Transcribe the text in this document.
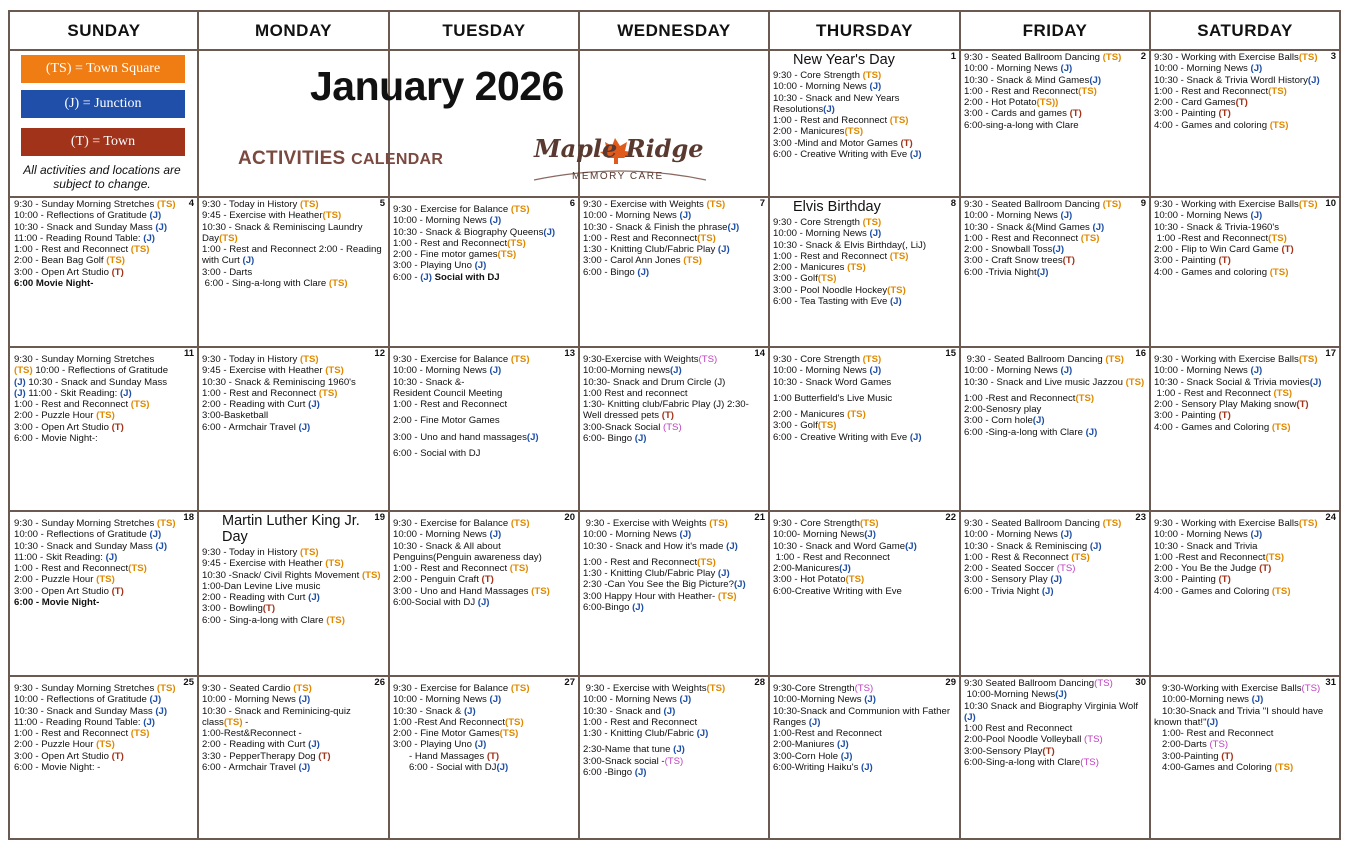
SUNDAY	MONDAY	TUESDAY	WEDNESDAY	THURSDAY	FRIDAY	SATURDAY
(TS) = Town Square
(J) = Junction
(T) = Town
All activities and locations are subject to change.
January 2026
ACTIVITIES CALENDAR	Maple Ridge
MEMORY CARE
1
New Year's Day
9:30 - Core Strength (TS)
10:00 - Morning News (J)
10:30 - Snack and New Years Resolutions(J)
1:00 - Rest and Reconnect (TS)
2:00 - Manicures(TS)
3:00 -Mind and Motor Games (T)
6:00 - Creative Writing with Eve (J)
2
9:30 - Seated Ballroom Dancing (TS)
10:00 - Morning News (J)
10:30 - Snack & Mind Games(J)
1:00 - Rest and Reconnect(TS)
2:00 - Hot Potato(TS))
3:00 - Cards and games (T)
6:00-sing-a-long with Clare
3
9:30 - Working with Exercise Balls(TS)
10:00 - Morning News (J)
10:30 - Snack & Trivia Wordl History(J)
1:00 - Rest and Reconnect(TS)
2:00 - Card Games(T)
3:00 - Painting (T)
4:00 - Games and coloring (TS)
4
9:30 - Sunday Morning Stretches (TS)
10:00 - Reflections of Gratitude (J)
10:30 - Snack and Sunday Mass (J)
11:00 - Reading Round Table: (J)
1:00 - Rest and Reconnect (TS)
2:00 - Bean Bag Golf (TS)
3:00 - Open Art Studio (T)
6:00 Movie Night-
5
9:30 - Today in History (TS)
9:45 - Exercise with Heather(TS)
10:30 - Snack & Reminiscing Laundry Day(TS)
1:00 - Rest and Reconnect 2:00 - Reading with Curt (J)
3:00 - Darts
6:00 - Sing-a-long with Clare (TS)
6
9:30 - Exercise for Balance (TS)
10:00 - Morning News (J)
10:30 - Snack & Biography Queens(J)
1:00 - Rest and Reconnect(TS)
2:00 - Fine motor games(TS)
3:00 - Playing Uno (J)
6:00 - (J) Social with DJ
7
9:30 - Exercise with Weights (TS)
10:00 - Morning News (J)
10:30 - Snack & Finish the phrase(J)
1:00 - Rest and Reconnect(TS)
1:30 - Knitting Club/Fabric Play (J)
3:00 - Carol Ann Jones (TS)
6:00 - Bingo (J)
8
Elvis Birthday
9:30 - Core Strength (TS)
10:00 - Morning News (J)
10:30 - Snack & Elvis Birthday(, LiJ)
1:00 - Rest and Reconnect (TS)
2:00 - Manicures (TS)
3:00 - Golf(TS)
3:00 - Pool Noodle Hockey(TS)
6:00 - Tea Tasting with Eve (J)
9
9:30 - Seated Ballroom Dancing (TS)
10:00 - Morning News (J)
10:30 - Snack &(Mind Games (J)
1:00 - Rest and Reconnect (TS)
2:00 - Snowball Toss(J)
3:00 - Craft Snow trees(T)
6:00 -Trivia Night(J)
10
9:30 - Working with Exercise Balls(TS)
10:00 - Morning News (J)
10:30 - Snack & Trivia-1960's
1:00 -Rest and Reconnect(TS)
2:00 - Flip to Win Card Game (T)
3:00 - Painting (T)
4:00 - Games and coloring (TS)
11
9:30 - Sunday Morning Stretches
(TS) 10:00 - Reflections of Gratitude
(J) 10:30 - Snack and Sunday Mass
(J) 11:00 - Skit Reading: (J)
1:00 - Rest and Reconnect (TS)
2:00 - Puzzle Hour (TS)
3:00 - Open Art Studio (T)
6:00 - Movie Night-:
12
9:30 - Today in History (TS)
9:45 - Exercise with Heather (TS)
10:30 - Snack & Reminiscing 1960's
1:00 - Rest and Reconnect (TS)
2:00 - Reading with Curt (J)
3:00-Basketball
6:00 - Armchair Travel (J)
13
9:30 - Exercise for Balance (TS)
10:00 - Morning News (J)
10:30 - Snack &-
Resident Council Meeting
1:00 - Rest and Reconnect
2:00 - Fine Motor Games
3:00 - Uno and hand massages(J)
6:00 - Social with DJ
14
9:30-Exercise with Weights(TS)
10:00-Morning news(J)
10:30- Snack and Drum Circle (J)
1:00 Rest and reconnect
1:30- Knitting club/Fabric Play (J) 2:30-Well dressed pets (T)
3:00-Snack Social (TS)
6:00- Bingo (J)
15
9:30 - Core Strength (TS)
10:00 - Morning News (J)
10:30 - Snack Word Games
1:00 Butterfield's Live Music
2:00 - Manicures (TS)
3:00 - Golf(TS)
6:00 - Creative Writing with Eve (J)
16
9:30 - Seated Ballroom Dancing (TS)
10:00 - Morning News (J)
10:30 - Snack and Live music Jazzou (TS)
1:00 -Rest and Reconnect(TS)
2:00-Senosry play
3:00 - Corn hole(J)
6:00 -Sing-a-long with Clare (J)
17
9:30 - Working with Exercise Balls(TS)
10:00 - Morning News (J)
10:30 - Snack Social & Trivia movies(J)
1:00 - Rest and Reconnect (TS)
2:00 - Sensory Play Making snow(T)
3:00 - Painting (T)
4:00 - Games and Coloring (TS)
18
9:30 - Sunday Morning Stretches (TS)
10:00 - Reflections of Gratitude (J)
10:30 - Snack and Sunday Mass (J)
11:00 - Skit Reading: (J)
1:00 - Rest and Reconnect(TS)
2:00 - Puzzle Hour (TS)
3:00 - Open Art Studio (T)
6:00 - Movie Night-
19
Martin Luther King Jr. Day
9:30 - Today in History (TS)
9:45 - Exercise with Heather (TS)
10:30 -Snack/ Civil Rights Movement (TS)
1:00-Dan Levine Live music
2:00 - Reading with Curt (J)
3:00 - Bowling(T)
6:00 - Sing-a-long with Clare (TS)
20
9:30 - Exercise for Balance (TS)
10:00 - Morning News (J)
10:30 - Snack & All about Penguins(Penguin awareness day)
1:00 - Rest and Reconnect (TS)
2:00 - Penguin Craft (T)
3:00 - Uno and Hand Massages (TS)
6:00-Social with DJ (J)
21
9:30 - Exercise with Weights (TS)
10:00 - Morning News (J)
10:30 - Snack and How it's made (J)
1:00 - Rest and Reconnect(TS)
1:30 - Knitting Club/Fabric Play (J)
2:30 -Can You See the Big Picture?(J)
3:00 Happy Hour with Heather- (TS)
6:00-Bingo (J)
22
9:30 - Core Strength(TS)
10:00- Morning News(J)
10:30 - Snack and Word Game(J)
1:00 - Rest and Reconnect
2:00-Manicures(J)
3:00 - Hot Potato(TS)
6:00-Creative Writing with Eve
23
9:30 - Seated Ballroom Dancing (TS)
10:00 - Morning News (J)
10:30 - Snack & Reminiscing (J)
1:00 - Rest & Reconnect (TS)
2:00 - Seated Soccer (TS)
3:00 - Sensory Play (J)
6:00 - Trivia Night (J)
24
9:30 - Working with Exercise Balls(TS)
10:00 - Morning News (J)
10:30 - Snack and Trivia
1:00 -Rest and Reconnect(TS)
2:00 - You Be the Judge (T)
3:00 - Painting (T)
4:00 - Games and Coloring (TS)
25
9:30 - Sunday Morning Stretches (TS)
10:00 - Reflections of Gratitude (J)
10:30 - Snack and Sunday Mass (J)
11:00 - Reading Round Table: (J)
1:00 - Rest and Reconnect (TS)
2:00 - Puzzle Hour (TS)
3:00 - Open Art Studio (T)
6:00 - Movie Night: -
26
9:30 - Seated Cardio (TS)
10:00 - Morning News (J)
10:30 - Snack and Reminicing-quiz class(TS) -
1:00-Rest&Reconnect -
2:00 - Reading with Curt (J)
3:30 - PepperTherapy Dog (T)
6:00 - Armchair Travel (J)
27
9:30 - Exercise for Balance (TS)
10:00 - Morning News (J)
10:30 - Snack & (J)
1:00 -Rest And Reconnect(TS)
2:00 - Fine Motor Games(TS)
3:00 - Playing Uno (J)
- Hand Massages (T)
6:00 - Social with DJ(J)
28
9:30 - Exercise with Weights(TS)
10:00 - Morning News (J)
10:30 - Snack and (J)
1:00 - Rest and Reconnect
1:30 - Knitting Club/Fabric (J)
2:30-Name that tune (J)
3:00-Snack social -(TS)
6:00 -Bingo (J)
29
9:30-Core Strength(TS)
10:00-Morning News (J)
10:30-Snack and Communion with Father Ranges (J)
1:00-Rest and Reconnect
2:00-Maniures (J)
3:00-Corn Hole (J)
6:00-Writing Haiku's (J)
30
9:30 Seated Ballroom Dancing(TS)
10:00-Morning News(J)
10:30 Snack and Biography Virginia Wolf (J)
1:00 Rest and Reconnect
2:00-Pool Noodle Volleyball (TS)
3:00-Sensory Play(T)
6:00-Sing-a-long with Clare(TS)
31
9:30-Working with Exercise Balls(TS)
10:00-Morning news (J)
10:30-Snack and Trivia "I should have known that!"(J)
1:00- Rest and Reconnect
2:00-Darts (TS)
3:00-Painting (T)
4:00-Games and Coloring (TS)
